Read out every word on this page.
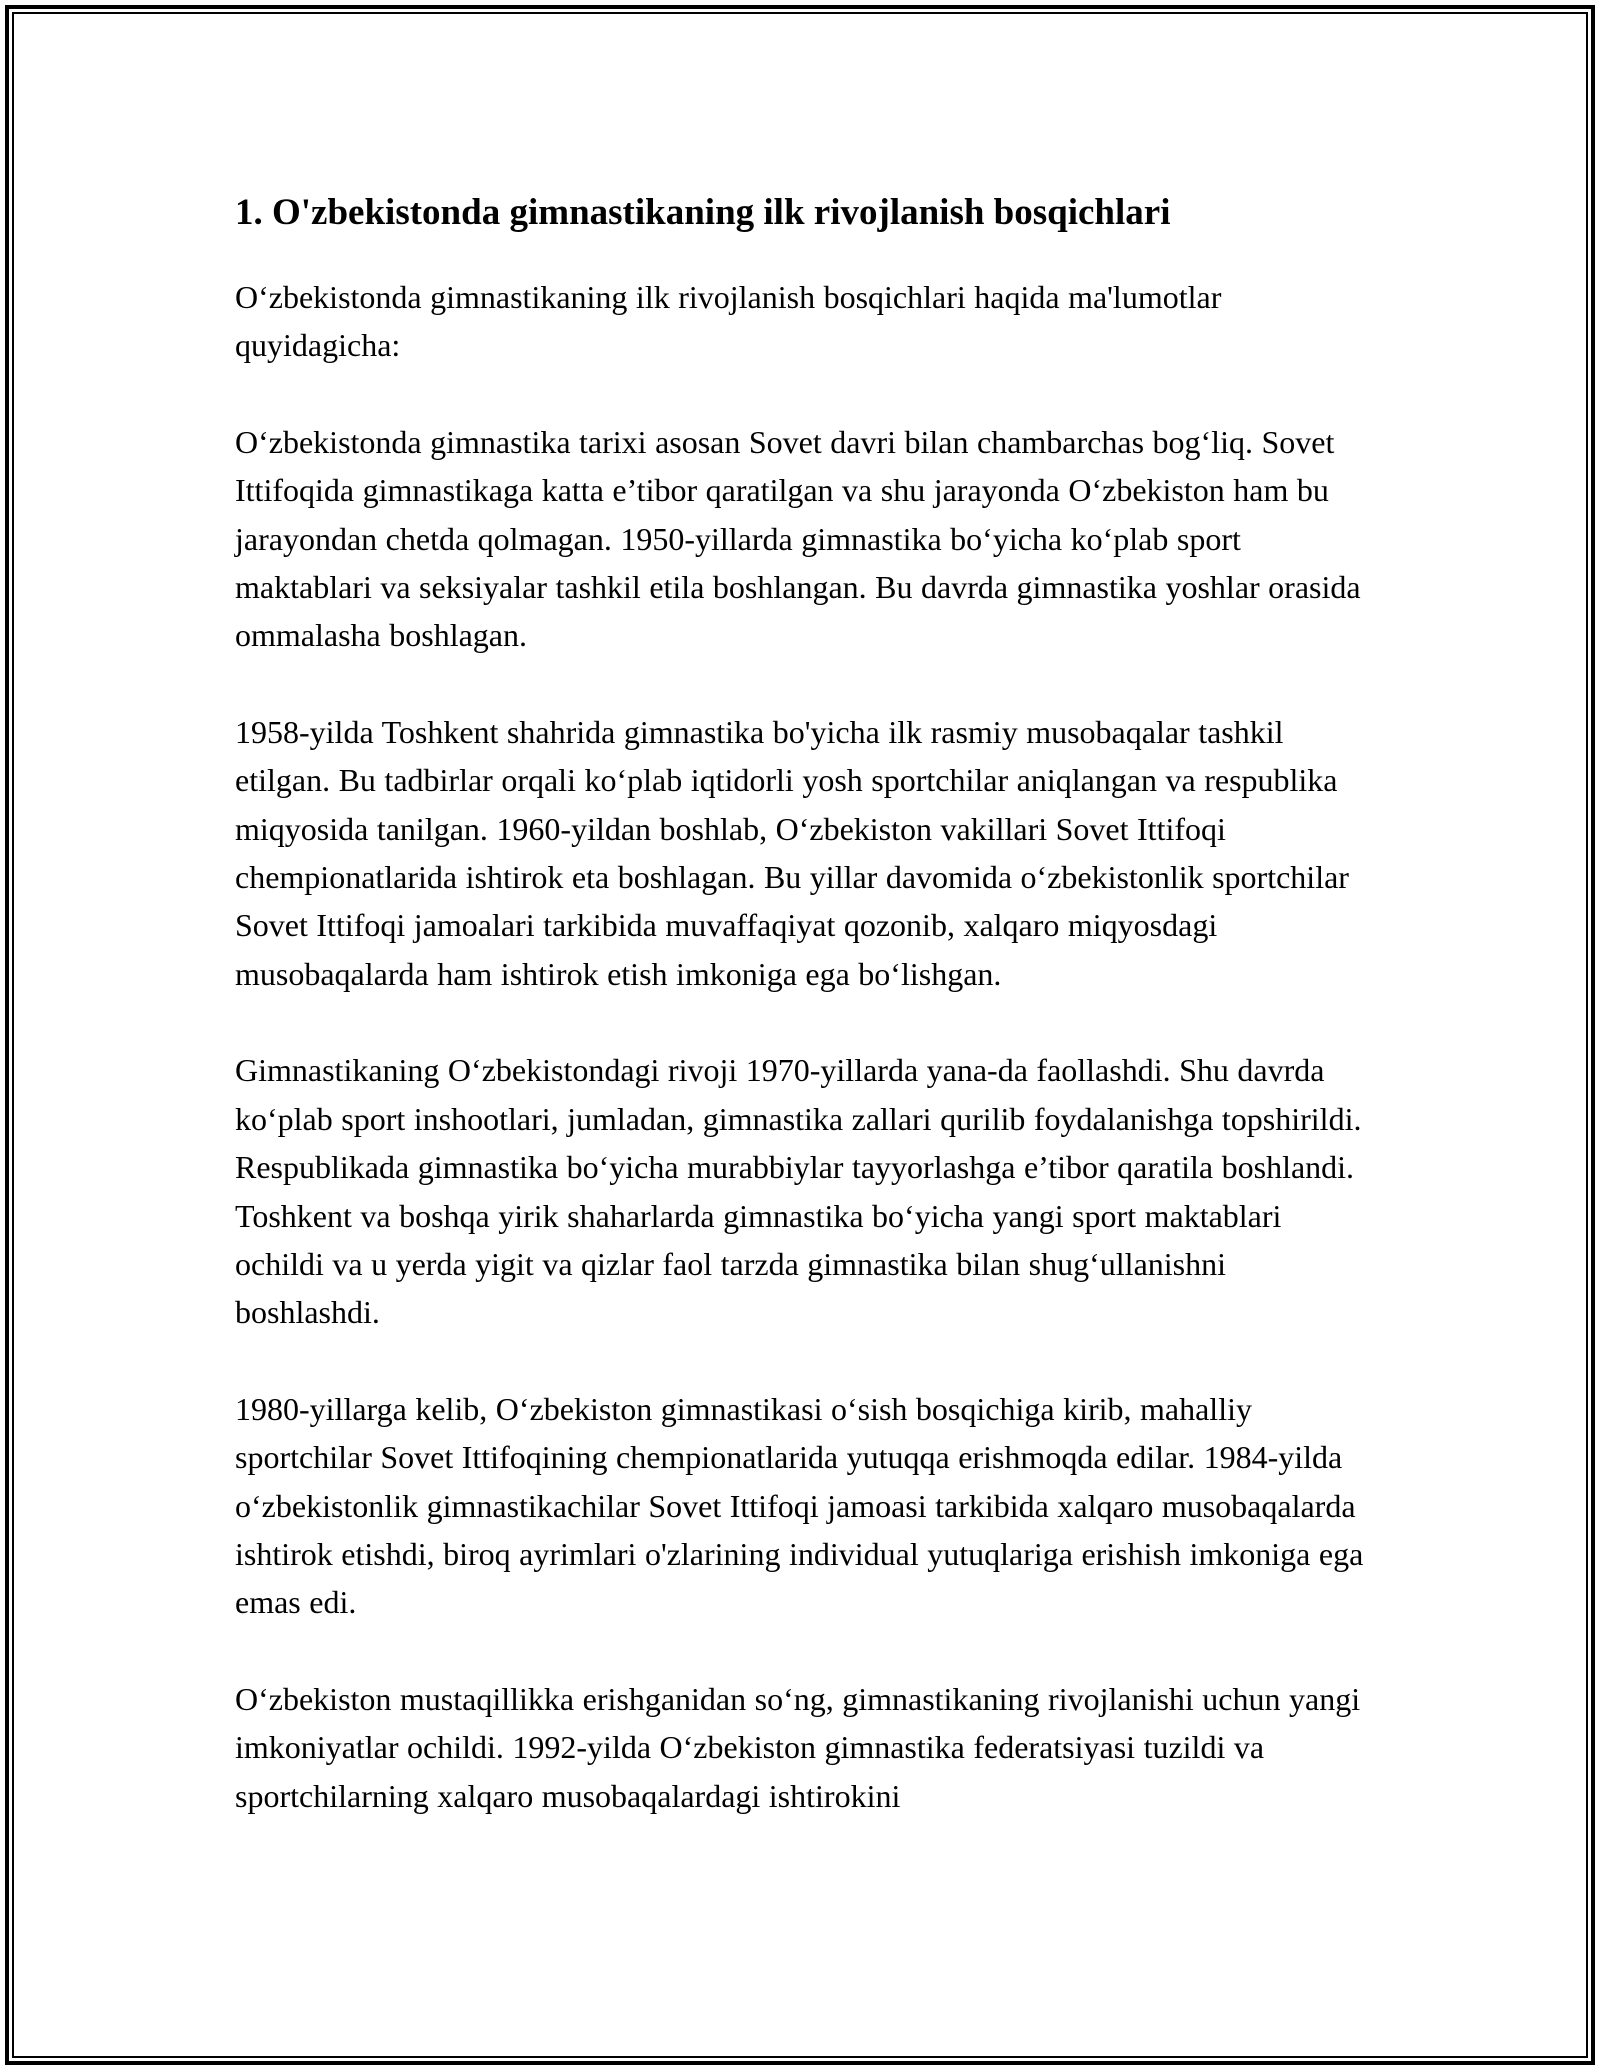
1. O'zbekistonda gimnastikaning ilk rivojlanish bosqichlari

O‘zbekistonda gimnastikaning ilk rivojlanish bosqichlari haqida ma'lumotlar quyidagicha:

O‘zbekistonda gimnastika tarixi asosan Sovet davri bilan chambarchas bog‘liq. Sovet Ittifoqida gimnastikaga katta e’tibor qaratilgan va shu jarayonda O‘zbekiston ham bu jarayondan chetda qolmagan. 1950-yillarda gimnastika bo‘yicha ko‘plab sport maktablari va seksiyalar tashkil etila boshlangan. Bu davrda gimnastika yoshlar orasida ommalasha boshlagan.

1958-yilda Toshkent shahrida gimnastika bo'yicha ilk rasmiy musobaqalar tashkil etilgan. Bu tadbirlar orqali ko‘plab iqtidorli yosh sportchilar aniqlangan va respublika miqyosida tanilgan. 1960-yildan boshlab, O‘zbekiston vakillari Sovet Ittifoqi chempionatlarida ishtirok eta boshlagan. Bu yillar davomida o‘zbekistonlik sportchilar Sovet Ittifoqi jamoalari tarkibida muvaffaqiyat qozonib, xalqaro miqyosdagi musobaqalarda ham ishtirok etish imkoniga ega bo‘lishgan.

Gimnastikaning O‘zbekistondagi rivoji 1970-yillarda yana-da faollashdi. Shu davrda ko‘plab sport inshootlari, jumladan, gimnastika zallari qurilib foydalanishga topshirildi. Respublikada gimnastika bo‘yicha murabbiylar tayyorlashga e’tibor qaratila boshlandi. Toshkent va boshqa yirik shaharlarda gimnastika bo‘yicha yangi sport maktablari ochildi va u yerda yigit va qizlar faol tarzda gimnastika bilan shug‘ullanishni boshlashdi.

1980-yillarga kelib, O‘zbekiston gimnastikasi o‘sish bosqichiga kirib, mahalliy sportchilar Sovet Ittifoqining chempionatlarida yutuqqa erishmoqda edilar. 1984-yilda o‘zbekistonlik gimnastikachilar Sovet Ittifoqi jamoasi tarkibida xalqaro musobaqalarda ishtirok etishdi, biroq ayrimlari o'zlarining individual yutuqlariga erishish imkoniga ega emas edi.

O‘zbekiston mustaqillikka erishganidan so‘ng, gimnastikaning rivojlanishi uchun yangi imkoniyatlar ochildi. 1992-yilda O‘zbekiston gimnastika federatsiyasi tuzildi va sportchilarning xalqaro musobaqalardagi ishtirokini
